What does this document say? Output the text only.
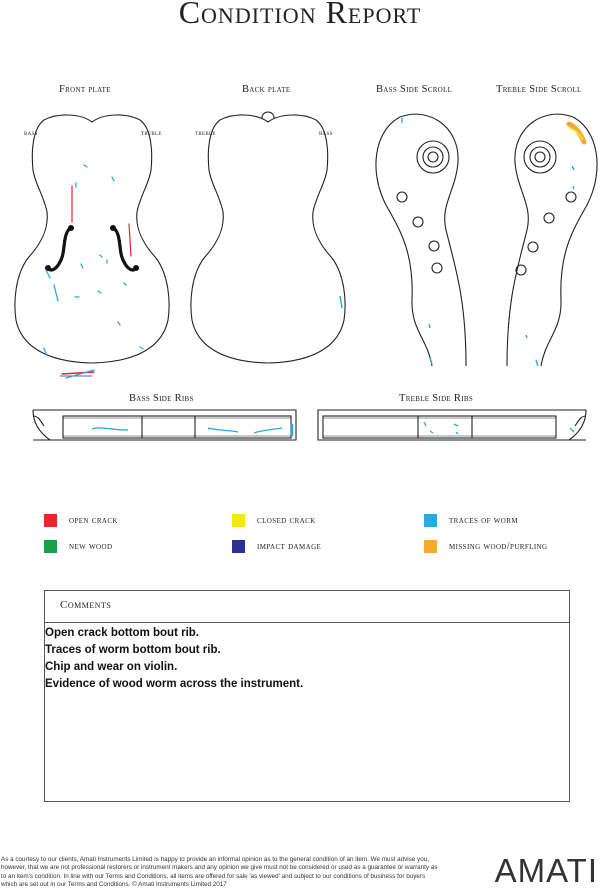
Condition Report
Front plate	Back plate	Bass Side Scroll	Treble Side Scroll
Bass Side Ribs	Treble Side Ribs
bass	treble	treble	bass
open crack	closed crack	traces of worm
new wood	impact damage	missing wood/purfling
Comments
Open crack bottom bout rib.
Traces of worm bottom bout rib.
Chip and wear on violin.
Evidence of wood worm across the instrument.
As a courtesy to our clients, Amati Instruments Limited is happy to provide an informal opinion as to the general condition of an item. We must advise you, however, that we are not professional restorers or instrument makers and any opinion we give must not be considered or used as a guarantee or warranty as to an item's condition. In line with our Terms and Conditions, all items are offered for sale 'as viewed' and subject to our conditions of business for buyers which are set out in our Terms and Conditions. © Amati Instruments Limited 2017	AMATI
